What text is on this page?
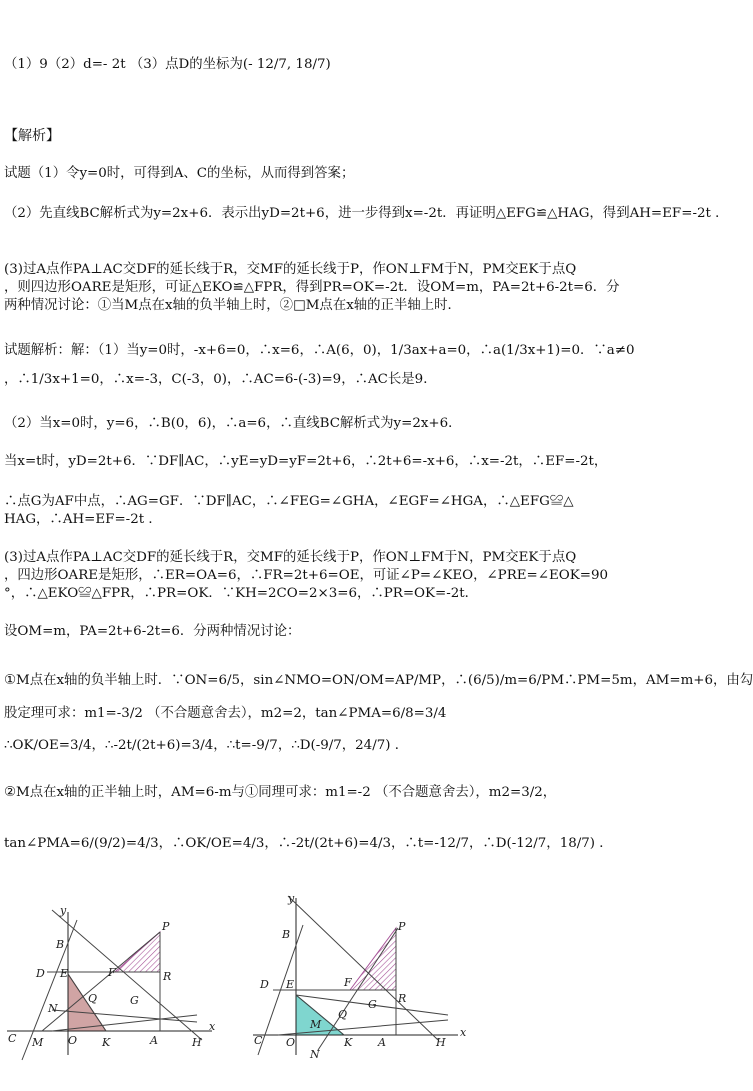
（1）9（2）d=- 2t （3）点D的坐标为(- 12/7, 18/7)
【解析】
试题（1）令y=0时，可得到A、C的坐标，从而得到答案；
（2）先直线BC解析式为y=2x+6．表示出yD=2t+6，进一步得到x=-2t．再证明△EFG≌△HAG，得到AH=EF=-2t ．
(3)过A点作PA⊥AC交DF的延长线于R，交MF的延长线于P，作ON⊥FM于N，PM交EK于点Q
，则四边形OARE是矩形，可证△EKO≌△FPR，得到PR=OK=-2t．设OM=m，PA=2t+6-2t=6．分
两种情况讨论：①当M点在x轴的负半轴上时，②□M点在x轴的正半轴上时．
试题解析：解：（1）当y=0时，-x+6=0，∴x=6，∴A(6，0)，1/3ax+a=0，∴a(1/3x+1)=0．∵a≠0
，∴1/3x+1=0，∴x=-3，C(-3，0)，∴AC=6-(-3)=9，∴AC长是9．
（2）当x=0时，y=6，∴B(0，6)，∴a=6，∴直线BC解析式为y=2x+6．
当x=t时，yD=2t+6．∵DF∥AC，∴yE=yD=yF=2t+6，∴2t+6=-x+6，∴x=-2t，∴EF=-2t，
∴点G为AF中点，∴AG=GF．∵DF∥AC，∴∠FEG=∠GHA，∠EGF=∠HGA，∴△EFG≌△
HAG，∴AH=EF=-2t ．
(3)过A点作PA⊥AC交DF的延长线于R，交MF的延长线于P，作ON⊥FM于N，PM交EK于点Q
，四边形OARE是矩形，∴ER=OA=6，∴FR=2t+6=OE，可证∠P=∠KEO，∠PRE=∠EOK=90
°，∴△EKO≌△FPR，∴PR=OK．∵KH=2CO=2×3=6，∴PR=OK=-2t．
设OM=m，PA=2t+6-2t=6．分两种情况讨论：
①M点在x轴的负半轴上时．∵ON=6/5，sin∠NMO=ON/OM=AP/MP，∴(6/5)/m=6/PM∴PM=5m，AM=m+6，由勾
股定理可求：m1=-3/2 （不合题意舍去），m2=2，tan∠PMA=6/8=3/4
∴OK/OE=3/4，∴-2t/(2t+6)=3/4，∴t=-9/7，∴D(-9/7，24/7) ．
②M点在x轴的正半轴上时，AM=6-m与①同理可求：m1=-2 （不合题意舍去），m2=3/2，
tan∠PMA=6/(9/2)=4/3，∴OK/OE=4/3，∴-2t/(2t+6)=4/3，∴t=-12/7，∴D(-12/7，18/7) ．
y
B
P
D E	F	R
Q	G
N
C M O K	A	H
x
y
B
P
D E	F
R
G
Q
M
C O	K A	H
x
N
